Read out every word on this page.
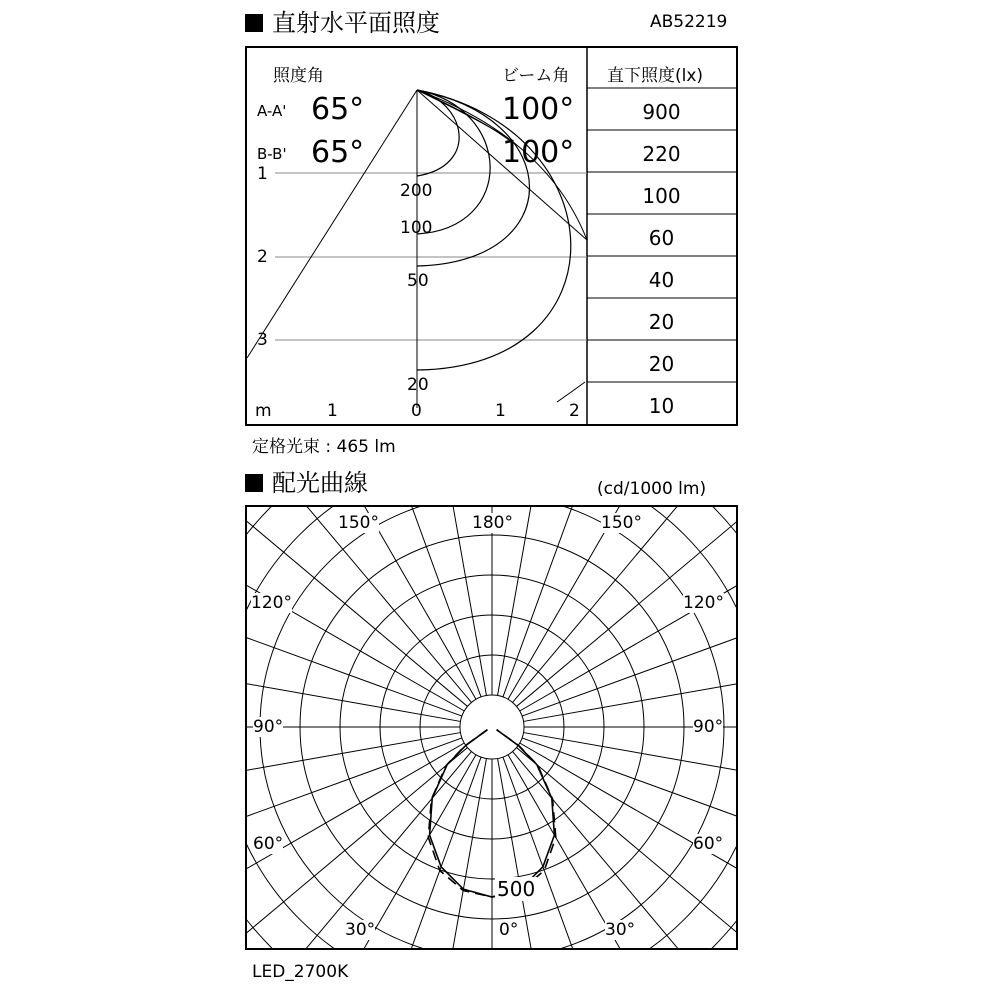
直射水平面照度	AB52219
照度角	ビーム角 直下照度(lx)
A-A' 65°	100°
B-B' 65°	100°
1
2
3
200
100
50
20
m	1	0	1	2
900
220
100
60
40
20
20
10
定格光束 : 465 lm
配光曲線	(cd/1000 lm)
150°	180°	150°
120°	120°
90°	90°
60°	60°
30°	0°	30°
500
LED_2700K
